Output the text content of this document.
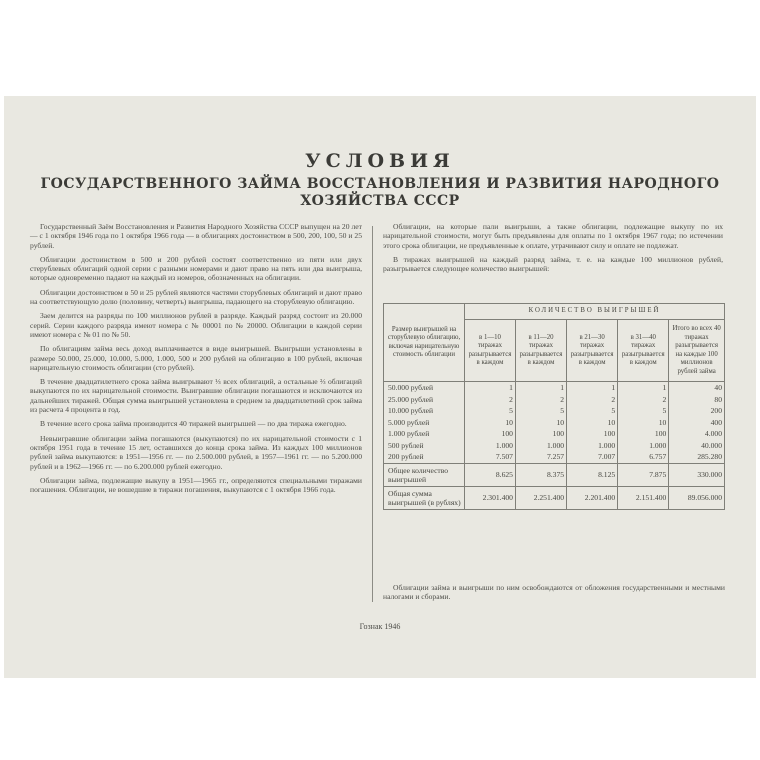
УСЛОВИЯ
ГОСУДАРСТВЕННОГО ЗАЙМА ВОССТАНОВЛЕНИЯ И РАЗВИТИЯ НАРОДНОГО
ХОЗЯЙСТВА СССР

Государственный Заём Восстановления и Развития Народного Хозяйства СССР выпущен на 20 лет — с 1 октября 1946 года по 1 октября 1966 года — в облигациях достоинством в 500, 200, 100, 50 и 25 рублей.

Облигации достоинством в 500 и 200 рублей состоят соответственно из пяти или двух стерублевых облигаций одной серии с разными номерами и дают право на пять или два выигрыша, которые одновременно падают на каждый из номеров, обозначенных на облигации.

Облигации достоинством в 50 и 25 рублей являются частями сторублевых облигаций и дают право на соответствующую долю (половину, четверть) выигрыша, падающего на сторублевую облигацию.

Заем делится на разряды по 100 миллионов рублей в разряде. Каждый разряд состоит из 20.000 серий. Серии каждого разряда имеют номера с № 00001 по № 20000. Облигации в каждой серии имеют номера с № 01 по № 50.

По облигациям займа весь доход выплачивается в виде выигрышей. Выигрыши установлены в размере 50.000, 25.000, 10.000, 5.000, 1.000, 500 и 200 рублей на облигацию в 100 рублей, включая нарицательную стоимость облигации (сто рублей).

В течение двадцатилетнего срока займа выигрывают ⅓ всех облигаций, а остальные ⅔ облигаций выкупаются по их нарицательной стоимости. Выигравшие облигации погашаются и исключаются из дальнейших тиражей. Общая сумма выигрышей установлена в среднем за двадцатилетний срок займа из расчета 4 процента в год.

В течение всего срока займа производится 40 тиражей выигрышей — по два тиража ежегодно.

Невыигравшие облигации займа погашаются (выкупаются) по их нарицательной стоимости с 1 октября 1951 года в течение 15 лет, оставшихся до конца срока займа. Из каждых 100 миллионов рублей займа выкупаются: в 1951—1956 гг. — по 2.500.000 рублей, в 1957—1961 гг. — по 5.200.000 рублей и в 1962—1966 гг. — по 6.200.000 рублей ежегодно.

Облигации займа, подлежащие выкупу в 1951—1965 гг., определяются специальными тиражами погашения. Облигации, не вошедшие в тиражи погашения, выкупаются с 1 октября 1966 года.

Облигации, на которые пали выигрыши, а также облигации, подлежащие выкупу по их нарицательной стоимости, могут быть предъявлены для оплаты по 1 октября 1967 года; по истечении этого срока облигации, не предъявленные к оплате, утрачивают силу и оплате не подлежат.

В тиражах выигрышей на каждый разряд займа, т. е. на каждые 100 миллионов рублей, разыгрывается следующее количество выигрышей:

Размер выигрышей на сторублевую облигацию, включая нарицательную стоимость облигации	КОЛИЧЕСТВО ВЫИГРЫШЕЙ				
	в 1—10 тиражах разыгрывается в каждом	в 11—20 тиражах разыгрывается в каждом	в 21—30 тиражах разыгрывается в каждом	в 31—40 тиражах разыгрывается в каждом	Итого во всех 40 тиражах разыгрывается на каждые 100 миллионов рублей займа
50.000 рублей	1	1	1	1	40
25.000 рублей	2	2	2	2	80
10.000 рублей	5	5	5	5	200
5.000 рублей	10	10	10	10	400
1.000 рублей	100	100	100	100	4.000
500 рублей	1.000	1.000	1.000	1.000	40.000
200 рублей	7.507	7.257	7.007	6.757	285.280
Общее количество выигрышей	8.625	8.375	8.125	7.875	330.000
Общая сумма выигрышей (в рублях)	2.301.400	2.251.400	2.201.400	2.151.400	89.056.000
Облигации займа и выигрыши по ним освобождаются от обложения государственными и местными налогами и сборами.
Гознак 1946
